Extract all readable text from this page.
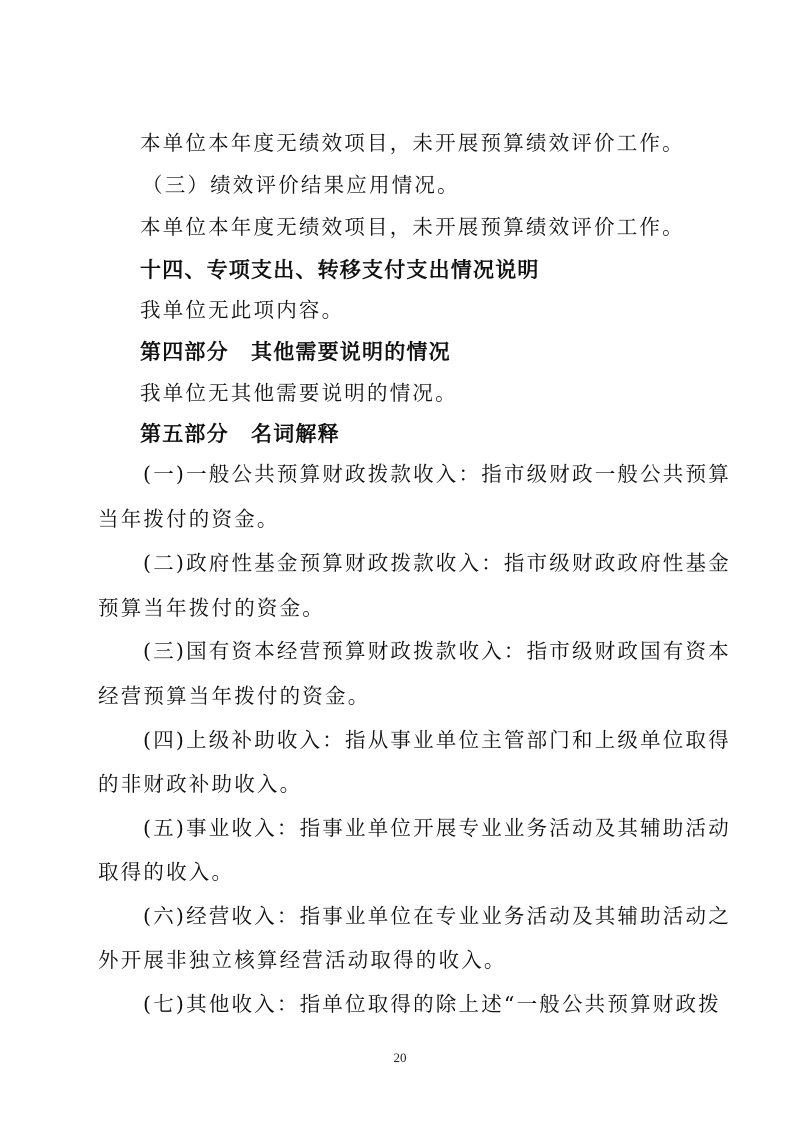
本单位本年度无绩效项目，未开展预算绩效评价工作。
（三）绩效评价结果应用情况。
本单位本年度无绩效项目，未开展预算绩效评价工作。
十四、专项支出、转移支付支出情况说明
我单位无此项内容。
第四部分　其他需要说明的情况
我单位无其他需要说明的情况。
第五部分　名词解释
(一)一般公共预算财政拨款收入：指市级财政一般公共预算
当年拨付的资金。
(二)政府性基金预算财政拨款收入：指市级财政政府性基金
预算当年拨付的资金。
(三)国有资本经营预算财政拨款收入：指市级财政国有资本
经营预算当年拨付的资金。
(四)上级补助收入：指从事业单位主管部门和上级单位取得
的非财政补助收入。
(五)事业收入：指事业单位开展专业业务活动及其辅助活动
取得的收入。
(六)经营收入：指事业单位在专业业务活动及其辅助活动之
外开展非独立核算经营活动取得的收入。
(七)其他收入：指单位取得的除上述“一般公共预算财政拨
20
